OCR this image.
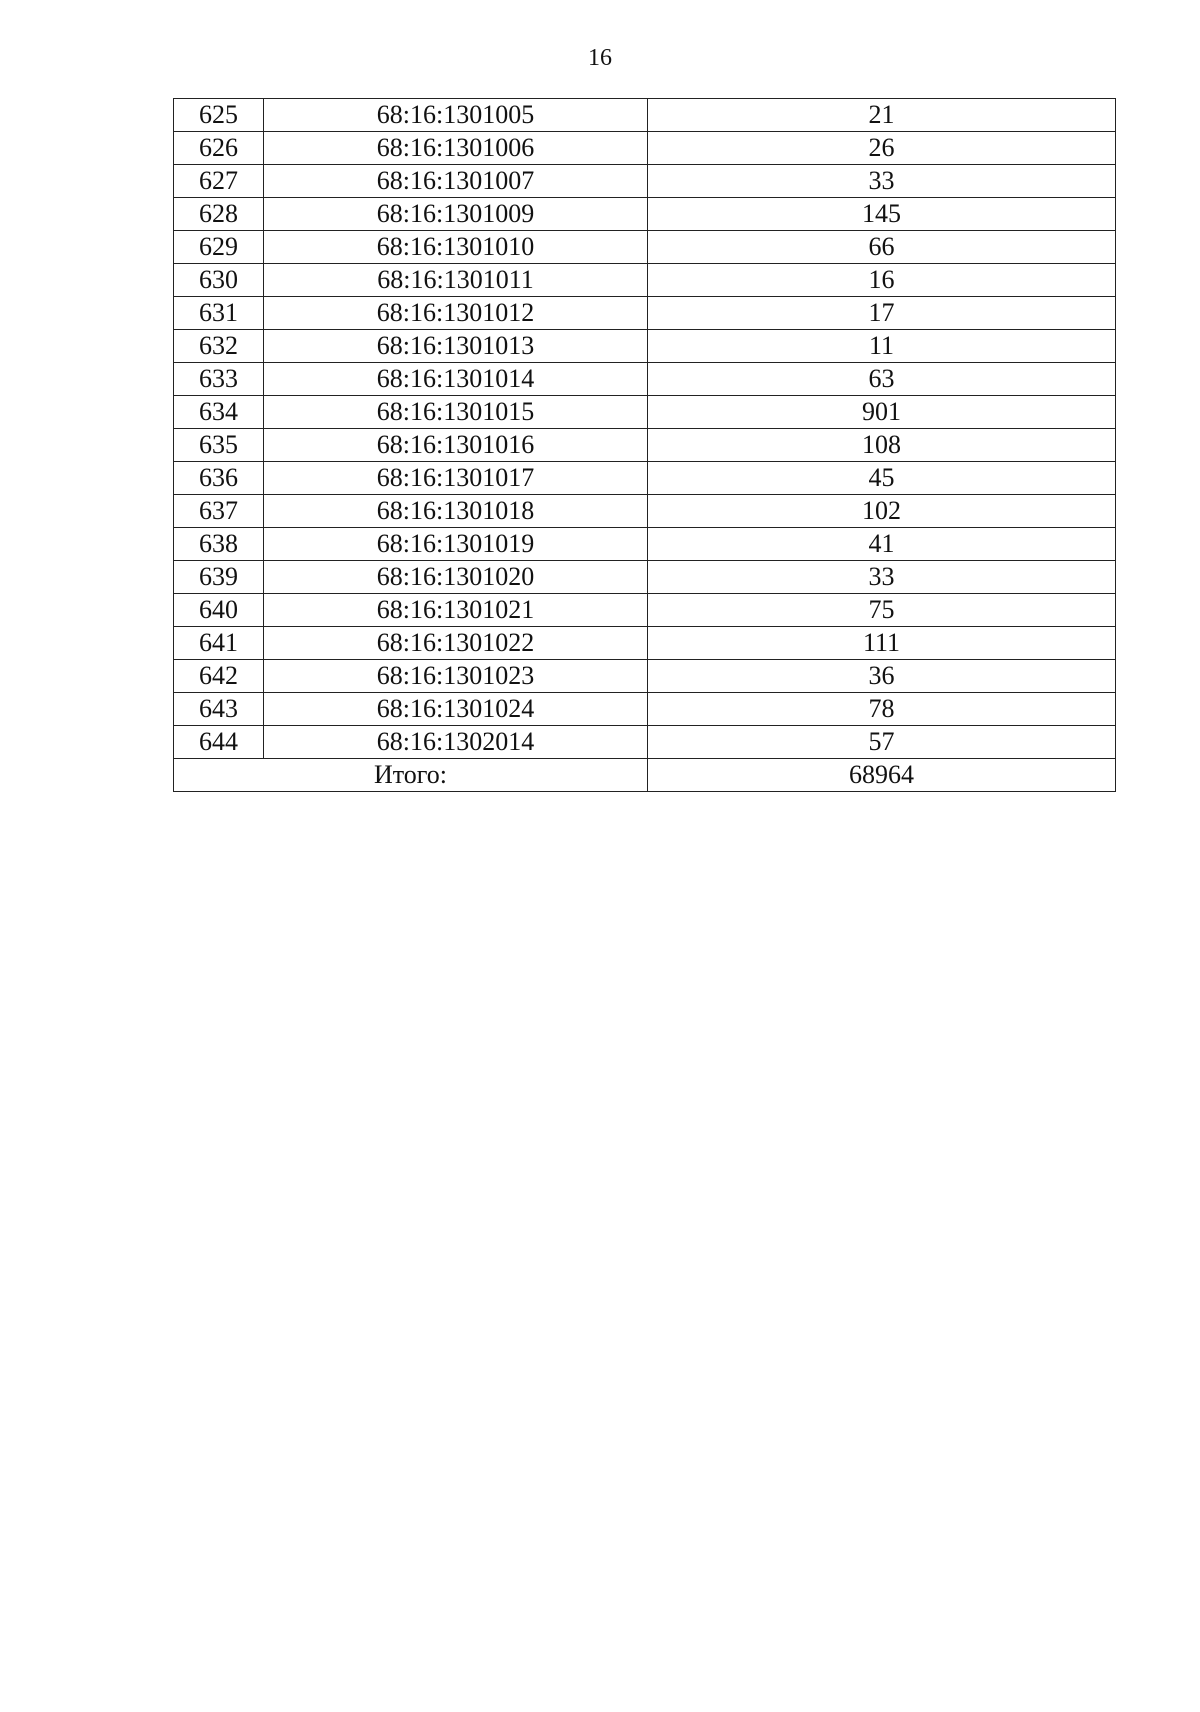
16
625	68:16:1301005	21
626	68:16:1301006	26
627	68:16:1301007	33
628	68:16:1301009	145
629	68:16:1301010	66
630	68:16:1301011	16
631	68:16:1301012	17
632	68:16:1301013	11
633	68:16:1301014	63
634	68:16:1301015	901
635	68:16:1301016	108
636	68:16:1301017	45
637	68:16:1301018	102
638	68:16:1301019	41
639	68:16:1301020	33
640	68:16:1301021	75
641	68:16:1301022	111
642	68:16:1301023	36
643	68:16:1301024	78
644	68:16:1302014	57
Итого:		68964
